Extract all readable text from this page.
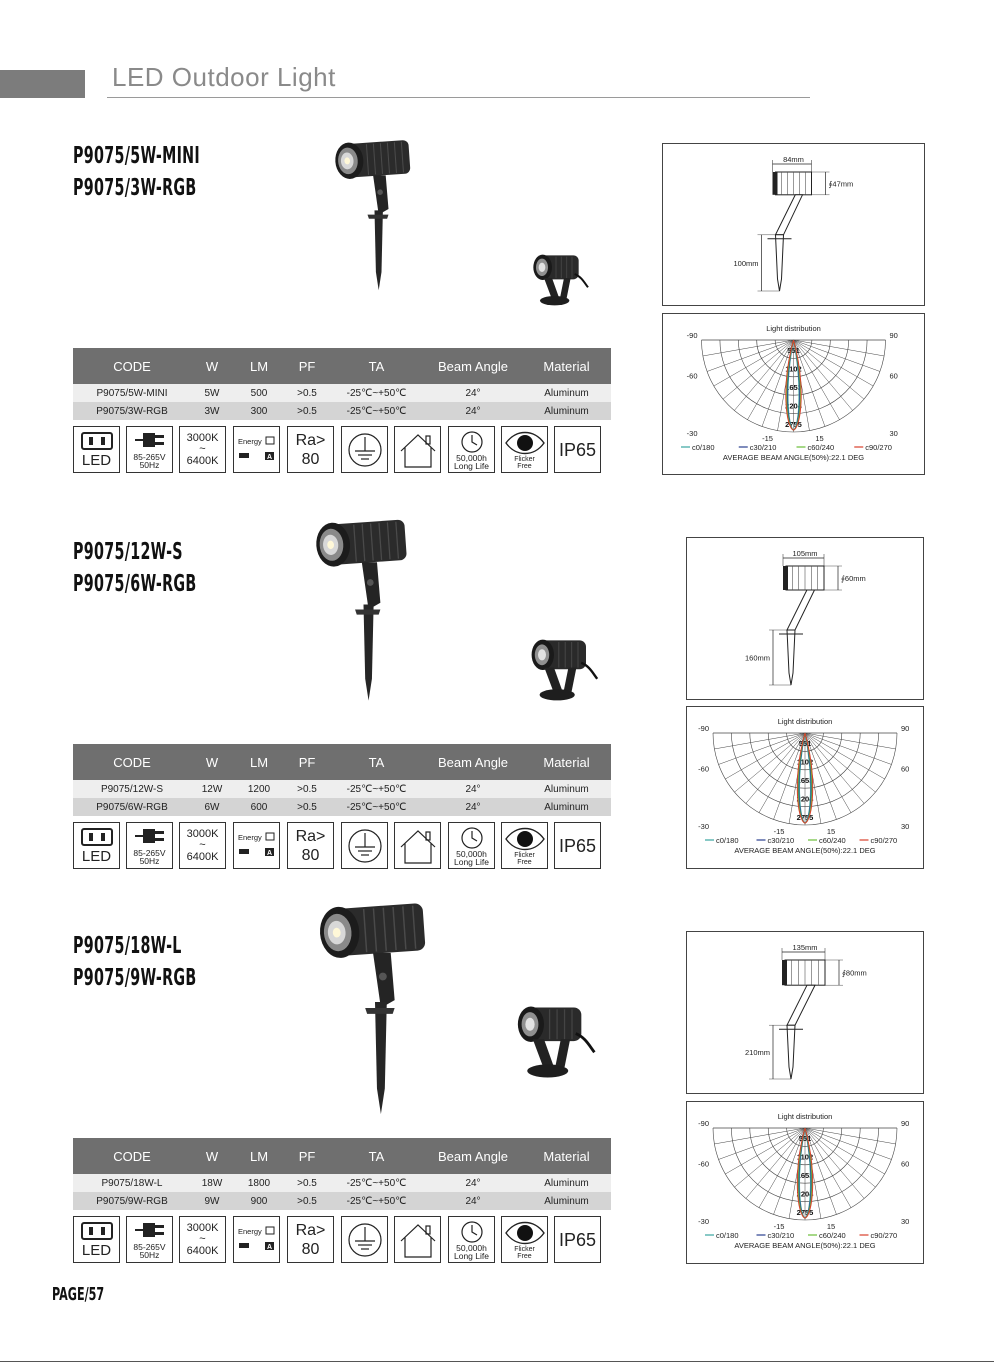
LED Outdoor Light
P9075/5W-MINI
P9075/3W-RGB
CODE	W	LM	PF	TA	Beam Angle	Material
P9075/5W-MINI	5W	500	>0.5	-25℃~+50℃	24°	Aluminum
P9075/3W-RGB	3W	300	>0.5	-25℃~+50℃	24°	Aluminum
LED	85-265V
50Hz
3000K
~
6400K
Energy
A
Ra>
80	50,000h
Long Life
Flicker
Free
IP65
84mm
∮47mm
100mm
Light distribution
551
1102
1653
2204
2755
-90	90
-60	60
-30	30
-15	15
c0/180	c30/210	c60/240	c90/270
AVERAGE BEAM ANGLE(50%):22.1 DEG
P9075/12W-S
P9075/6W-RGB
CODE	W	LM	PF	TA	Beam Angle	Material
P9075/12W-S	12W	1200	>0.5	-25℃~+50℃	24°	Aluminum
P9075/6W-RGB	6W	600	>0.5	-25℃~+50℃	24°	Aluminum
LED	85-265V
50Hz
3000K
~
6400K
Energy
A
Ra>
80	50,000h
Long Life
Flicker
Free
IP65
105mm
∮60mm
160mm
Light distribution
551
1102
1653
2204
2755
-90	90
-60	60
-30	30
-15	15
c0/180	c30/210	c60/240	c90/270
AVERAGE BEAM ANGLE(50%):22.1 DEG
P9075/18W-L
P9075/9W-RGB
CODE	W	LM	PF	TA	Beam Angle	Material
P9075/18W-L	18W	1800	>0.5	-25℃~+50℃	24°	Aluminum
P9075/9W-RGB	9W	900	>0.5	-25℃~+50℃	24°	Aluminum
LED	85-265V
50Hz
3000K
~
6400K
Energy
A
Ra>
80	50,000h
Long Life
Flicker
Free
IP65
135mm
∮80mm
210mm
Light distribution
551
1102
1653
2204
2755
-90	90
-60	60
-30	30
-15	15
c0/180	c30/210	c60/240	c90/270
AVERAGE BEAM ANGLE(50%):22.1 DEG
PAGE/57
